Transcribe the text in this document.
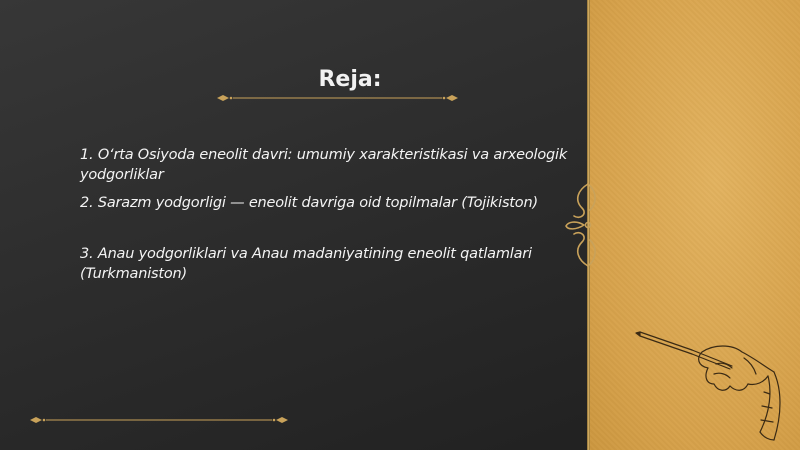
Reja:
1. O‘rta Osiyoda eneolit davri: umumiy xarakteristikasi va arxeologik yodgorliklar
2. Sarazm yodgorligi — eneolit davriga oid topilmalar (Tojikiston)
3. Anau yodgorliklari va Anau madaniyatining eneolit qatlamlari (Turkmaniston)
